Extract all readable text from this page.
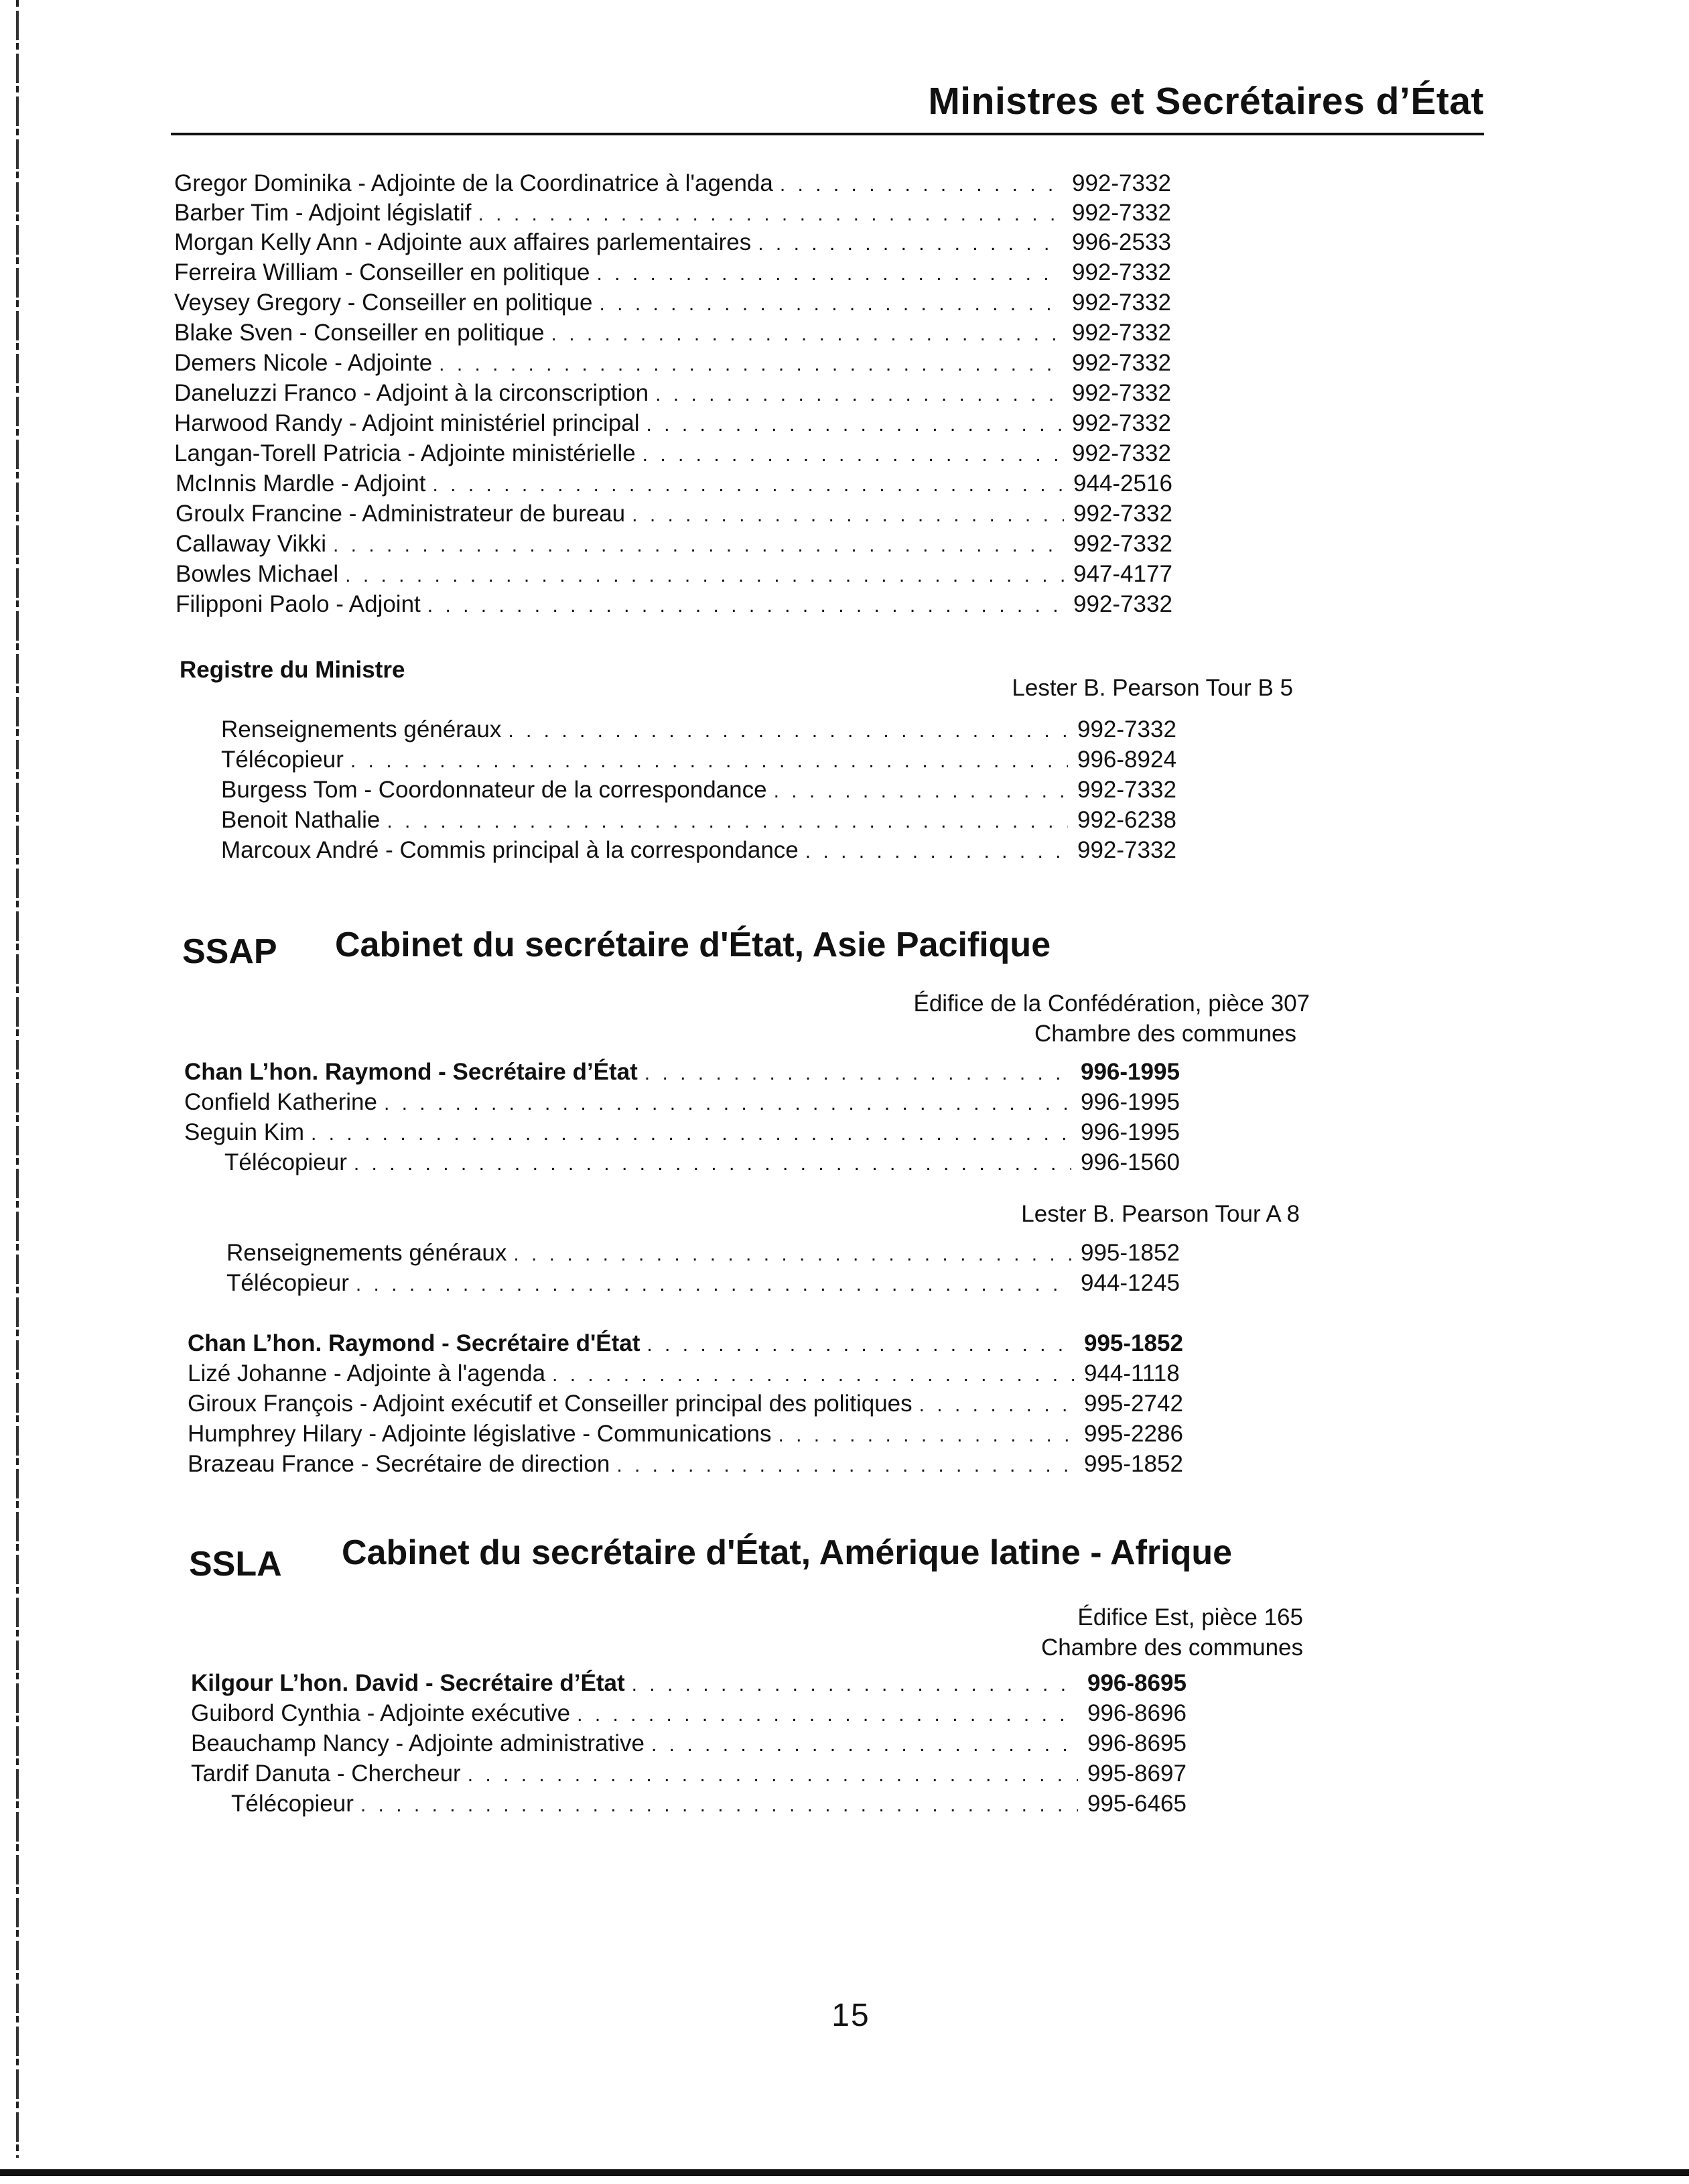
Ministres et Secrétaires d’État
Gregor Dominika - Adjointe de la Coordinatrice à l'agenda . . .	992-7332
Barber Tim - Adjoint législatif . . .	992-7332
Morgan Kelly Ann - Adjointe aux affaires parlementaires . . .	996-2533
Ferreira William - Conseiller en politique . . .	992-7332
Veysey Gregory - Conseiller en politique . . .	992-7332
Blake Sven - Conseiller en politique . . .	992-7332
Demers Nicole - Adjointe . . .	992-7332
Daneluzzi Franco - Adjoint à la circonscription . . .	992-7332
Harwood Randy - Adjoint ministériel principal . . .	992-7332
Langan-Torell Patricia - Adjointe ministérielle . . .	992-7332
McInnis Mardle - Adjoint . . .	944-2516
Groulx Francine - Administrateur de bureau . . .	992-7332
Callaway Vikki . . .	992-7332
Bowles Michael . . .	947-4177
Filipponi Paolo - Adjoint . . .	992-7332
Registre du Ministre
Lester B. Pearson Tour B 5
Renseignements généraux . . .	992-7332
Télécopieur . . .	996-8924
Burgess Tom - Coordonnateur de la correspondance . . .	992-7332
Benoit Nathalie . . .	992-6238
Marcoux André - Commis principal à la correspondance . . .	992-7332
SSAP Cabinet du secrétaire d'État, Asie Pacifique
Édifice de la Confédération, pièce 307
Chambre des communes
Chan L’hon. Raymond - Secrétaire d’État . . .	996-1995
Confield Katherine . . .	996-1995
Seguin Kim . . .	996-1995
Télécopieur . . .	996-1560
Lester B. Pearson Tour A 8
Renseignements généraux . . .	995-1852
Télécopieur . . .	944-1245
Chan L’hon. Raymond - Secrétaire d'État . . .	995-1852
Lizé Johanne - Adjointe à l'agenda . . .	944-1118
Giroux François - Adjoint exécutif et Conseiller principal des politiques . . .	995-2742
Humphrey Hilary - Adjointe législative - Communications . . .	995-2286
Brazeau France - Secrétaire de direction . . .	995-1852
SSLA Cabinet du secrétaire d'État, Amérique latine - Afrique
Édifice Est, pièce 165
Chambre des communes
Kilgour L’hon. David - Secrétaire d’État . . .	996-8695
Guibord Cynthia - Adjointe exécutive . . .	996-8696
Beauchamp Nancy - Adjointe administrative . . .	996-8695
Tardif Danuta - Chercheur . . .	995-8697
Télécopieur . . .	995-6465
15
